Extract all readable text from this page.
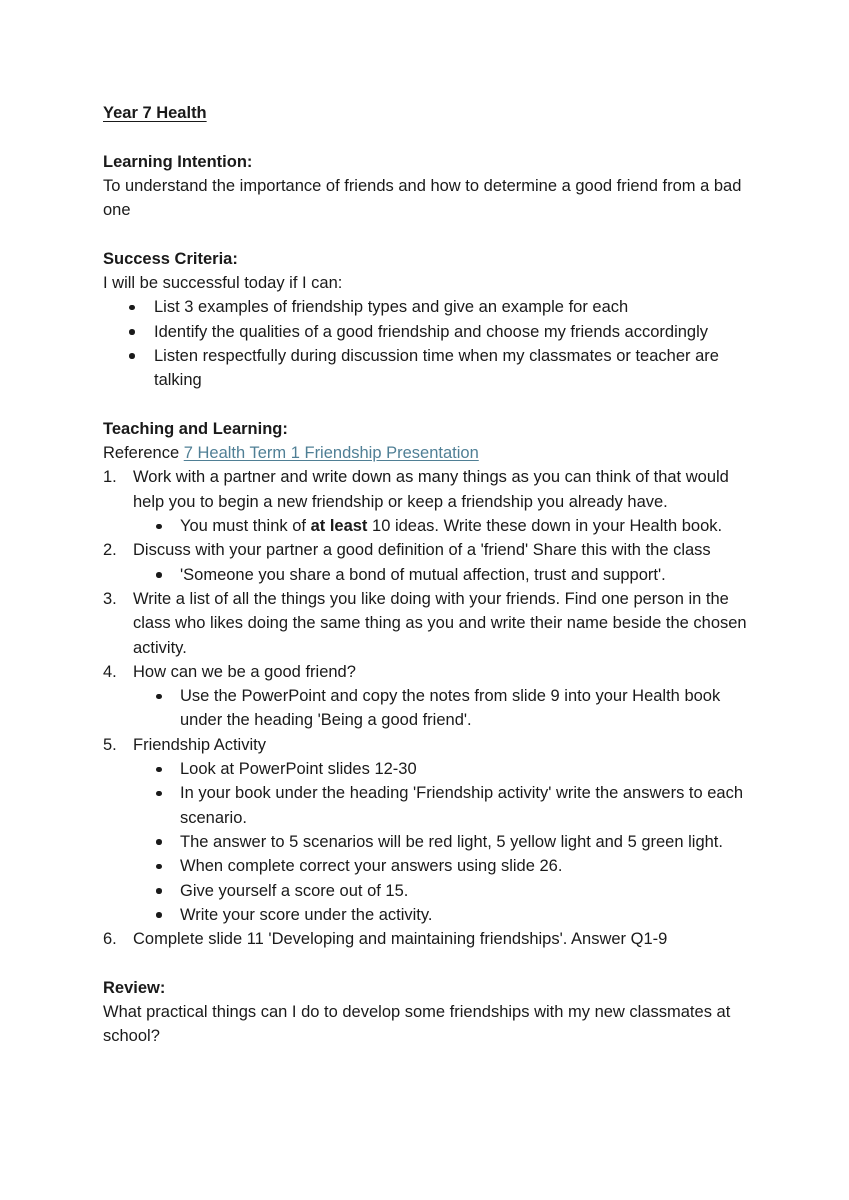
Year 7 Health

Learning Intention:

To understand the importance of friends and how to determine a good friend from a bad one

Success Criteria:

I will be successful today if I can:

List 3 examples of friendship types and give an example for each
Identify the qualities of a good friendship and choose my friends accordingly
Listen respectfully during discussion time when my classmates or teacher are talking

Teaching and Learning:

Reference 7 Health Term 1 Friendship Presentation

1. Work with a partner and write down as many things as you can think of that would help you to begin a new friendship or keep a friendship you already have.
You must think of at least 10 ideas. Write these down in your Health book.
2. Discuss with your partner a good definition of a 'friend' Share this with the class
'Someone you share a bond of mutual affection, trust and support'.
3. Write a list of all the things you like doing with your friends. Find one person in the class who likes doing the same thing as you and write their name beside the chosen activity.
4. How can we be a good friend?
Use the PowerPoint and copy the notes from slide 9 into your Health book under the heading 'Being a good friend'.
5. Friendship Activity
Look at PowerPoint slides 12-30
In your book under the heading 'Friendship activity' write the answers to each scenario.
The answer to 5 scenarios will be red light, 5 yellow light and 5 green light.
When complete correct your answers using slide 26.
Give yourself a score out of 15.
Write your score under the activity.
6. Complete slide 11 'Developing and maintaining friendships'. Answer Q1-9

Review:

What practical things can I do to develop some friendships with my new classmates at school?
